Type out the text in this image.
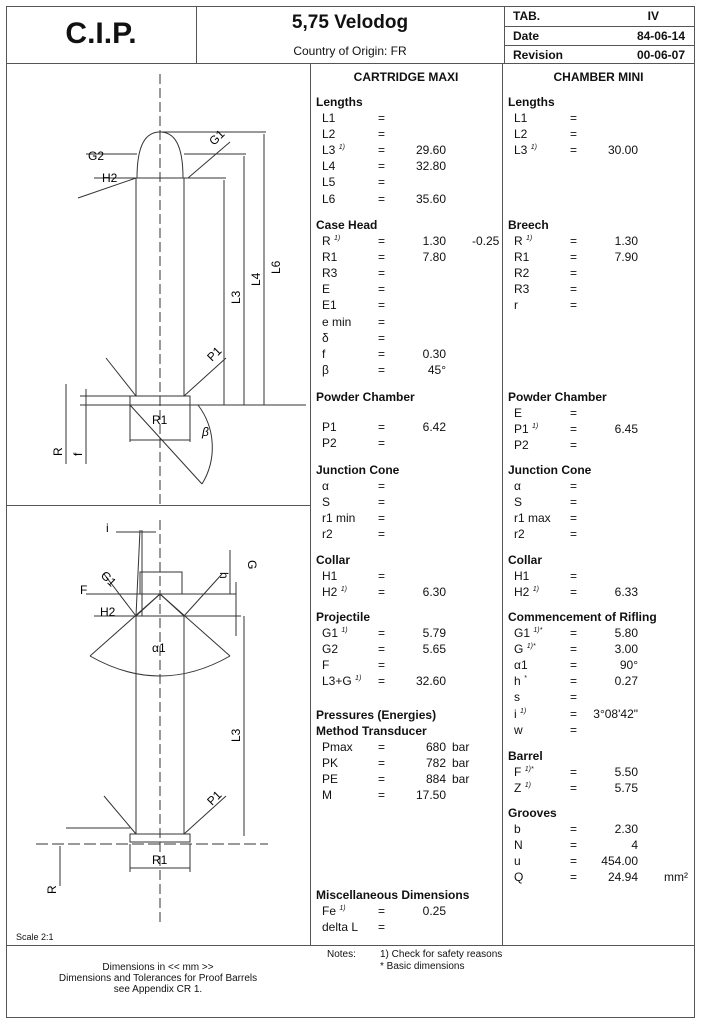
C.I.P.	5,75 Velodog
Country of Origin: FR
TAB.	IV
Date	84-06-14
Revision	00-06-07
CARTRIDGE MAXI	CHAMBER MINI
Lengths
L1	=
L2	=
L3 $^{1)}$	=	29.60
L4	=	32.80
L5	=
L6	=	35.60
Case Head
R $^{1)}$	=	1.30 -0.25
R1	=	7.80
R3	=
E	=
E1	=
e min =
δ	=
f	=	0.30
β	=	45°
Powder Chamber
P1	=	6.42
P2	=
Junction Cone
α	=
S	=
r1 min =
r2	=
Collar
H1	=
H2 $^{1)}$	=	6.30
Projectile
G1 $^{1)}$	=	5.79
G2	=	5.65
F	=
L3+G $^{1)}$ =	32.60
Pressures (Energies)
Method Transducer
Pmax =	680 bar
PK	=	782 bar
PE	=	884 bar
M	=	17.50
Miscellaneous Dimensions
Fe $^{1)}$	=	0.25
delta L =
Lengths
L1	=
L2	=
L3 $^{1)}$	=	30.00
Breech
R $^{1)}$	=	1.30
R1	=	7.90
R2	=
R3	=
r	=
Powder Chamber
E	=
P1 $^{1)}$	=	6.45
P2	=
Junction Cone
α	=
S	=
r1 max =
r2	=
Collar
H1	=
H2 $^{1)}$	=	6.33
Commencement of Rifling
G1 $^{1)*}$ =	5.80
G $^{1)*}$	=	3.00
α1	=	90°
h *	=	0.27
s	=
i $^{1)}$	= 3°08'42"
w	=
Barrel
F $^{1)*}$	=	5.50
Z $^{1)}$	=	5.75
Grooves
b	=	2.30
N	=	4
u	= 454.00
Q	=	24.94 mm²
G2
H2
G1
L3
L4
L6
P1
R1
R f
β
i
G
G1	h
F
H2
α1
L3
P1
R1
R
Scale 2:1
Dimensions in << mm >>
Dimensions and Tolerances for Proof Barrels
see Appendix CR 1.
Notes: 1) Check for safety reasons
* Basic dimensions
